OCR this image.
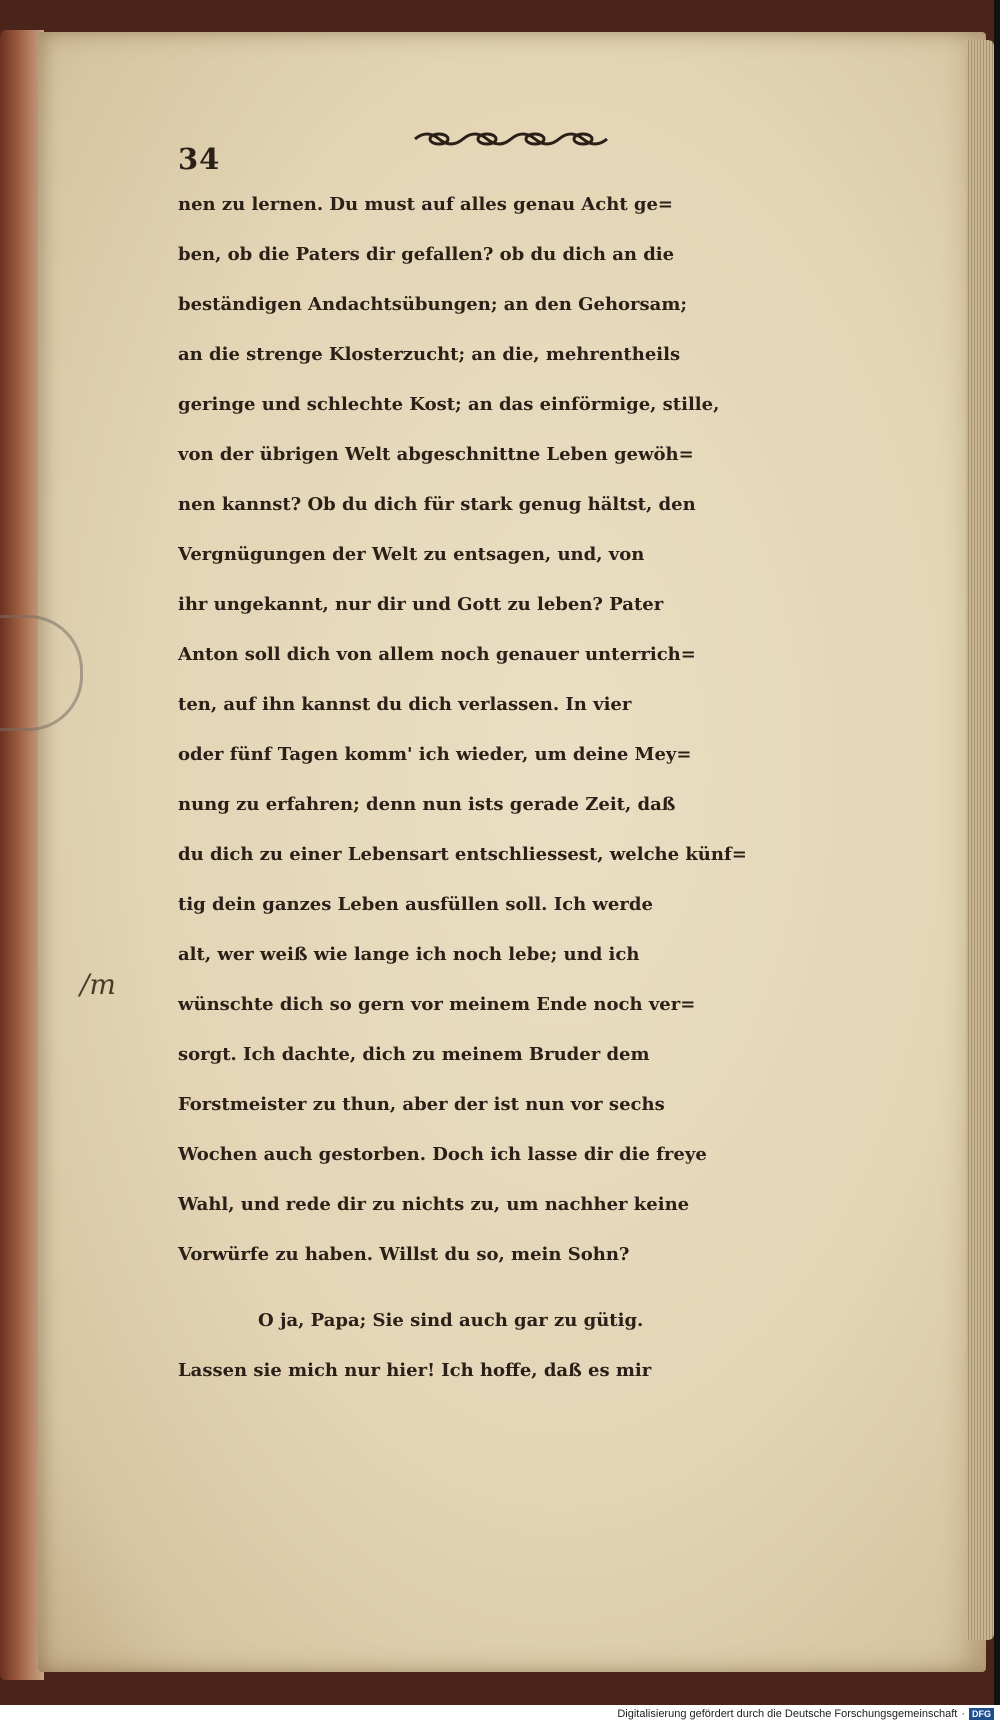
34
nen zu lernen. Du must auf alles genau Acht ge=
ben, ob die Paters dir gefallen? ob du dich an die
beständigen Andachtsübungen; an den Gehorsam;
an die strenge Klosterzucht; an die, mehrentheils
geringe und schlechte Kost; an das einförmige, stille,
von der übrigen Welt abgeschnittne Leben gewöh=
nen kannst? Ob du dich für stark genug hältst, den
Vergnügungen der Welt zu entsagen, und, von
ihr ungekannt, nur dir und Gott zu leben? Pater
Anton soll dich von allem noch genauer unterrich=
ten, auf ihn kannst du dich verlassen. In vier
oder fünf Tagen komm' ich wieder, um deine Mey=
nung zu erfahren; denn nun ists gerade Zeit, daß
du dich zu einer Lebensart entschliessest, welche künf=
tig dein ganzes Leben ausfüllen soll. Ich werde
alt, wer weiß wie lange ich noch lebe; und ich
wünschte dich so gern vor meinem Ende noch ver=
sorgt. Ich dachte, dich zu meinem Bruder dem
Forstmeister zu thun, aber der ist nun vor sechs
Wochen auch gestorben. Doch ich lasse dir die freye
Wahl, und rede dir zu nichts zu, um nachher keine
Vorwürfe zu haben. Willst du so, mein Sohn?
O ja, Papa; Sie sind auch gar zu gütig.
Lassen sie mich nur hier! Ich hoffe, daß es mir
/m
Digitalisierung gefördert durch die Deutsche Forschungsgemeinschaft · DFG
